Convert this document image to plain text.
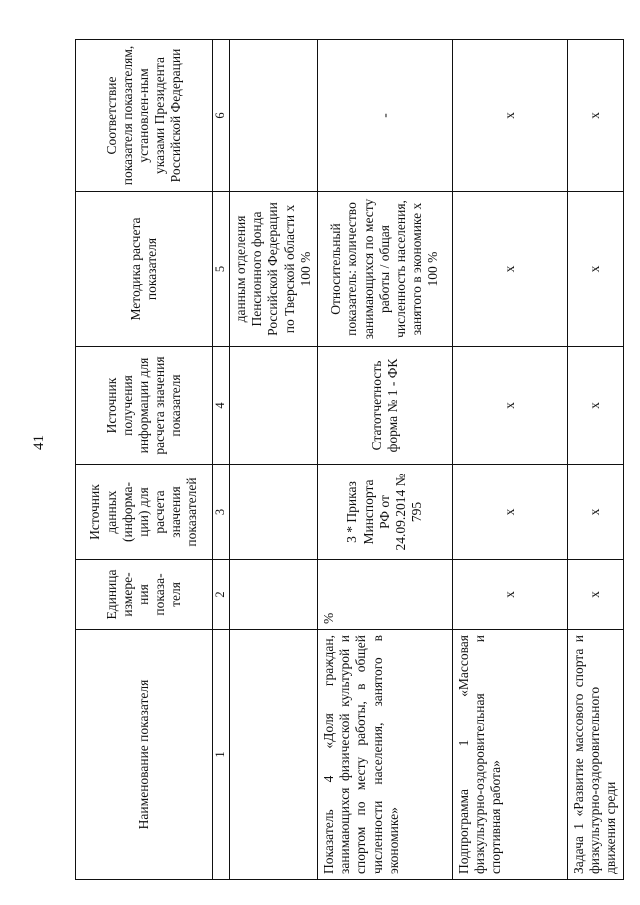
41
Наименование показателя	Единица измере-ния показа-теля	Источник данных (информа-ции) для расчета значения показателей	Источник получения информации для расчета значения показателя	Методика расчета показателя	Соответствие показателя показателям, установлен-ным указами Президента Российской Федерации
1	2	3	4	5	6
				данным отделения Пенсионного фонда Российской Федерации по Тверской области х 100 %	
Показатель 4 «Доля граждан, занимающихся физической культурой и спортом по месту работы, в общей численности населения, занятого в экономике»	%	3 * Приказ Минспорта РФ от 24.09.2014 № 795	Статотчетность форма № 1 - ФК	Относительный показатель: количество занимающихся по месту работы / общая численность населения, занятого в экономике х 100 %	-
Подпрограмма 1 «Массовая физкультурно-оздоровительная и спортивная работа»	х	х	х	х	х
Задача 1 «Развитие массового спорта и физкультурно-оздоровительного движения среди	х	х	х	х	х
